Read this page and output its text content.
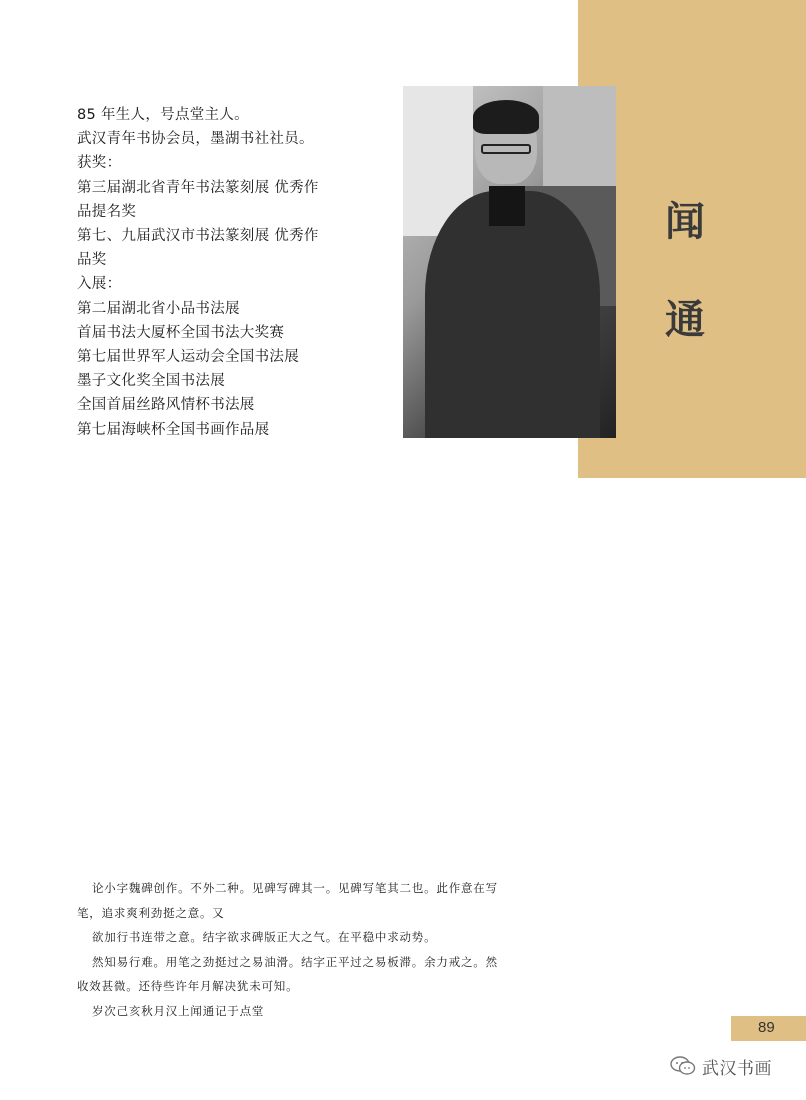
闻
通
85 年生人，号点堂主人。
武汉青年书协会员，墨湖书社社员。
获奖：
第三届湖北省青年书法篆刻展 优秀作
品提名奖
第七、九届武汉市书法篆刻展 优秀作
品奖
入展：
第二届湖北省小品书法展
首届书法大厦杯全国书法大奖赛
第七届世界军人运动会全国书法展
墨子文化奖全国书法展
全国首届丝路风情杯书法展
第七届海峡杯全国书画作品展
论小字魏碑创作。不外二种。见碑写碑其一。见碑写笔其二也。此作意在写
笔，追求爽利劲挺之意。又
欲加行书连带之意。结字欲求碑版正大之气。在平稳中求动势。
然知易行难。用笔之劲挺过之易油滑。结字正平过之易板滞。余力戒之。然
收效甚微。还待些许年月解决犹未可知。
岁次己亥秋月汉上闻通记于点堂
89
武汉书画
